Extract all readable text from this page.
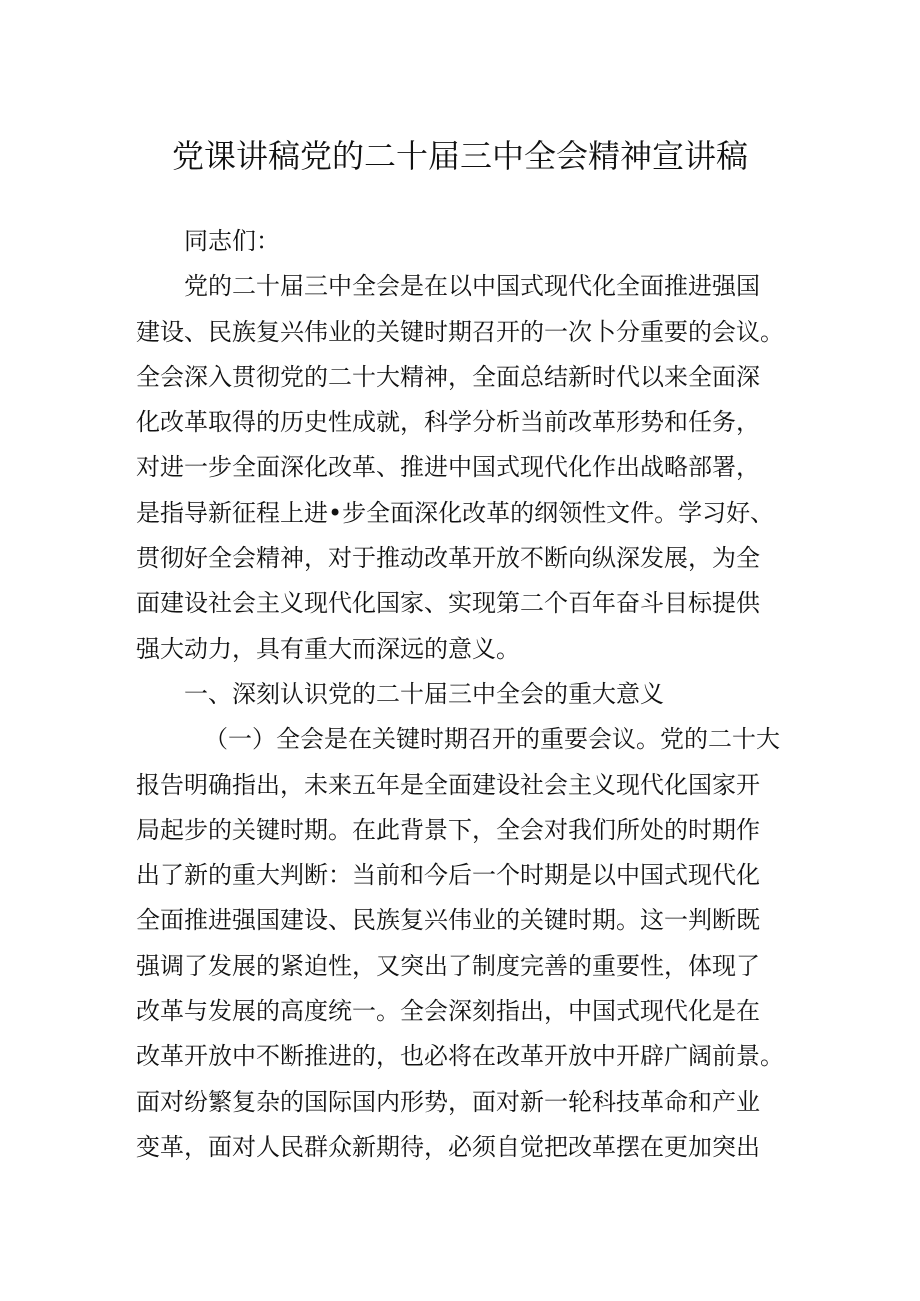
党课讲稿党的二十届三中全会精神宣讲稿
同志们：
党的二十届三中全会是在以中国式现代化全面推进强国
建设、民族复兴伟业的关键时期召开的一次卜分重要的会议。
全会深入贯彻党的二十大精神，全面总结新时代以来全面深
化改革取得的历史性成就，科学分析当前改革形势和任务，
对进一步全面深化改革、推进中国式现代化作出战略部署，
是指导新征程上进•步全面深化改革的纲领性文件。学习好、
贯彻好全会精神，对于推动改革开放不断向纵深发展，为全
面建设社会主义现代化国家、实现第二个百年奋斗目标提供
强大动力，具有重大而深远的意义。
一、深刻认识党的二十届三中全会的重大意义
（一）全会是在关键时期召开的重要会议。党的二十大
报告明确指出，未来五年是全面建设社会主义现代化国家开
局起步的关键时期。在此背景下，全会对我们所处的时期作
出了新的重大判断：当前和今后一个时期是以中国式现代化
全面推进强国建设、民族复兴伟业的关键时期。这一判断既
强调了发展的紧迫性，又突出了制度完善的重要性，体现了
改革与发展的高度统一。全会深刻指出，中国式现代化是在
改革开放中不断推进的，也必将在改革开放中开辟广阔前景。
面对纷繁复杂的国际国内形势，面对新一轮科技革命和产业
变革，面对人民群众新期待，必须自觉把改革摆在更加突出
